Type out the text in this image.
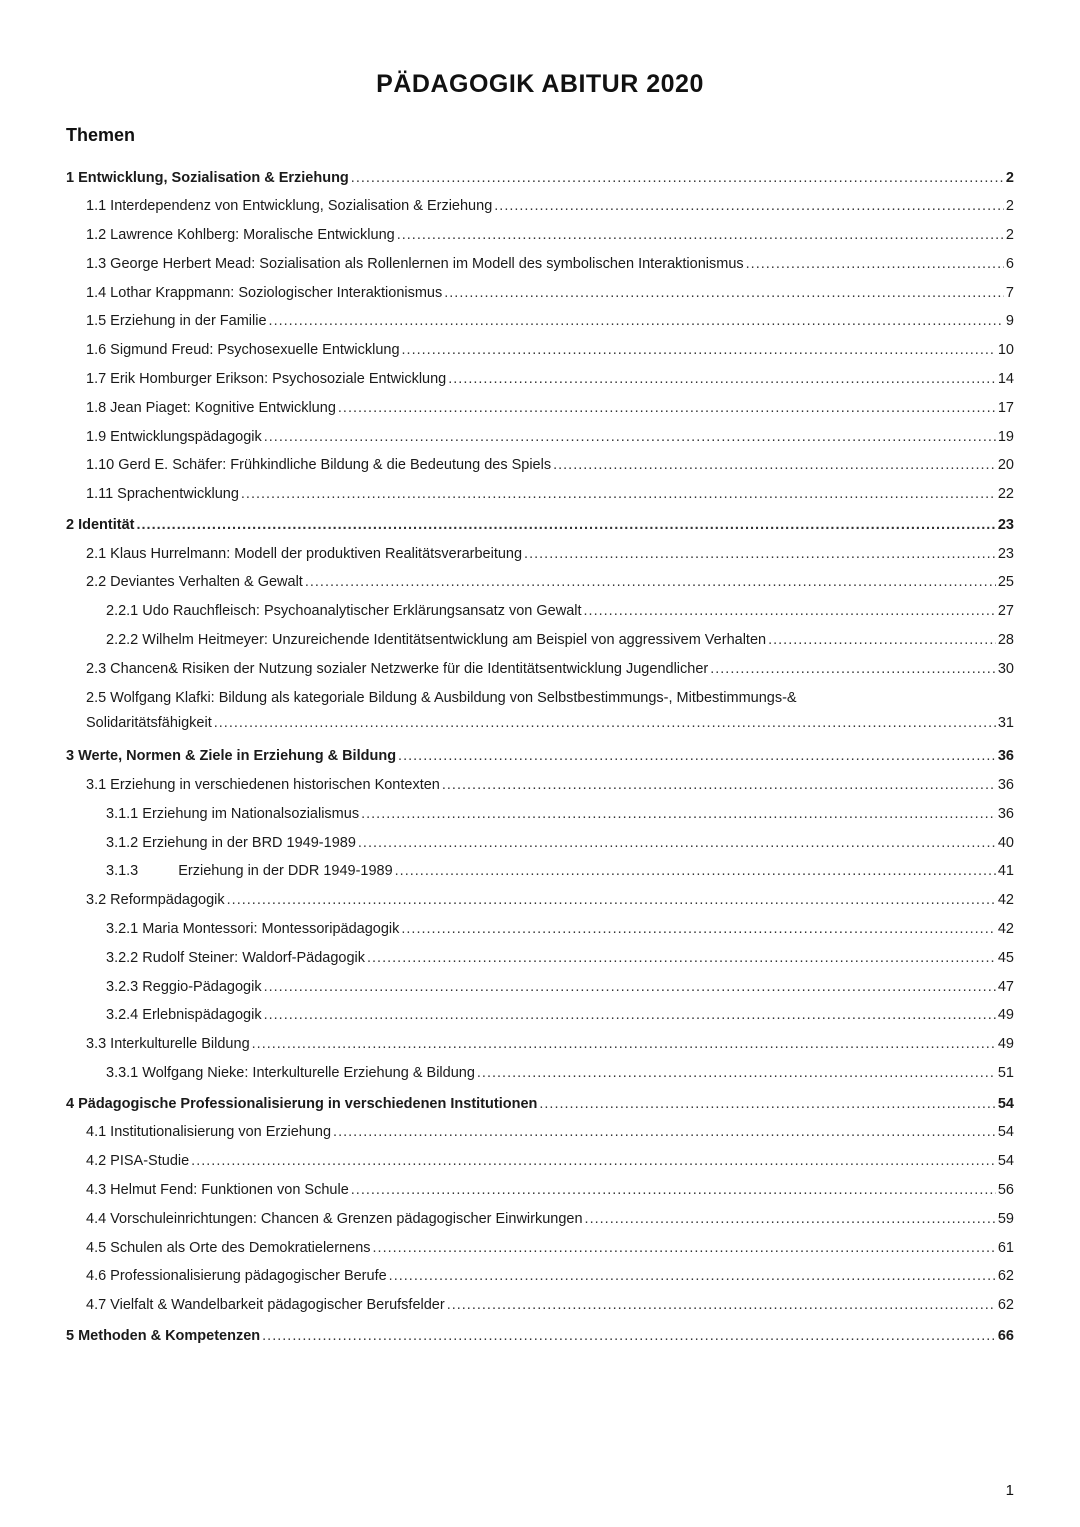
PÄDAGOGIK ABITUR 2020
Themen
1 Entwicklung, Sozialisation & Erziehung .....	2
1.1 Interdependenz von Entwicklung, Sozialisation & Erziehung .....	2
1.2 Lawrence Kohlberg: Moralische Entwicklung .....	2
1.3 George Herbert Mead: Sozialisation als Rollenlernen im Modell des symbolischen Interaktionismus .....	6
1.4 Lothar Krappmann: Soziologischer Interaktionismus .....	7
1.5 Erziehung in der Familie .....	9
1.6 Sigmund Freud: Psychosexuelle Entwicklung .....	10
1.7 Erik Homburger Erikson: Psychosoziale Entwicklung .....	14
1.8 Jean Piaget: Kognitive Entwicklung .....	17
1.9 Entwicklungspädagogik .....	19
1.10 Gerd E. Schäfer: Frühkindliche Bildung & die Bedeutung des Spiels .....	20
1.11 Sprachentwicklung .....	22
2 Identität .....	23
2.1 Klaus Hurrelmann: Modell der produktiven Realitätsverarbeitung .....	23
2.2 Deviantes Verhalten & Gewalt .....	25
2.2.1 Udo Rauchfleisch: Psychoanalytischer Erklärungsansatz von Gewalt .....	27
2.2.2 Wilhelm Heitmeyer: Unzureichende Identitätsentwicklung am Beispiel von aggressivem Verhalten .....	28
2.3 Chancen& Risiken der Nutzung sozialer Netzwerke für die Identitätsentwicklung Jugendlicher .....	30
2.5 Wolfgang Klafki: Bildung als kategoriale Bildung & Ausbildung von Selbstbestimmungs-, Mitbestimmungs-&
Solidaritätsfähigkeit .....	31
3 Werte, Normen & Ziele in Erziehung & Bildung .....	36
3.1 Erziehung in verschiedenen historischen Kontexten .....	36
3.1.1 Erziehung im Nationalsozialismus .....	36
3.1.2 Erziehung in der BRD 1949-1989 .....	40
3.1.3	Erziehung in der DDR 1949-1989 .....	41
3.2 Reformpädagogik .....	42
3.2.1 Maria Montessori: Montessoripädagogik .....	42
3.2.2 Rudolf Steiner: Waldorf-Pädagogik .....	45
3.2.3 Reggio-Pädagogik .....	47
3.2.4 Erlebnispädagogik .....	49
3.3 Interkulturelle Bildung .....	49
3.3.1 Wolfgang Nieke: Interkulturelle Erziehung & Bildung .....	51
4 Pädagogische Professionalisierung in verschiedenen Institutionen .....	54
4.1 Institutionalisierung von Erziehung .....	54
4.2 PISA-Studie .....	54
4.3 Helmut Fend: Funktionen von Schule .....	56
4.4 Vorschuleinrichtungen: Chancen & Grenzen pädagogischer Einwirkungen .....	59
4.5 Schulen als Orte des Demokratielernens .....	61
4.6 Professionalisierung pädagogischer Berufe .....	62
4.7 Vielfalt & Wandelbarkeit pädagogischer Berufsfelder .....	62
5 Methoden & Kompetenzen .....	66
1
